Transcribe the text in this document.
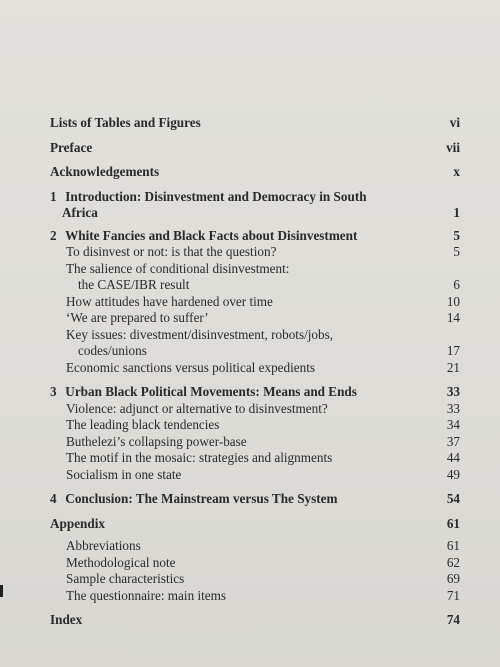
Lists of Tables and Figures	vi
Preface	vii
Acknowledgements	x
1 Introduction: Disinvestment and Democracy in South
Africa	1
2 White Fancies and Black Facts about Disinvestment	5
To disinvest or not: is that the question?	5
The salience of conditional disinvestment:
the CASE/IBR result	6
How attitudes have hardened over time	10
‘We are prepared to suffer’	14
Key issues: divestment/disinvestment, robots/jobs,
codes/unions	17
Economic sanctions versus political expedients	21
3 Urban Black Political Movements: Means and Ends	33
Violence: adjunct or alternative to disinvestment?	33
The leading black tendencies	34
Buthelezi’s collapsing power-base	37
The motif in the mosaic: strategies and alignments	44
Socialism in one state	49
4 Conclusion: The Mainstream versus The System	54
Appendix	61
Abbreviations	61
Methodological note	62
Sample characteristics	69
The questionnaire: main items	71
Index	74
